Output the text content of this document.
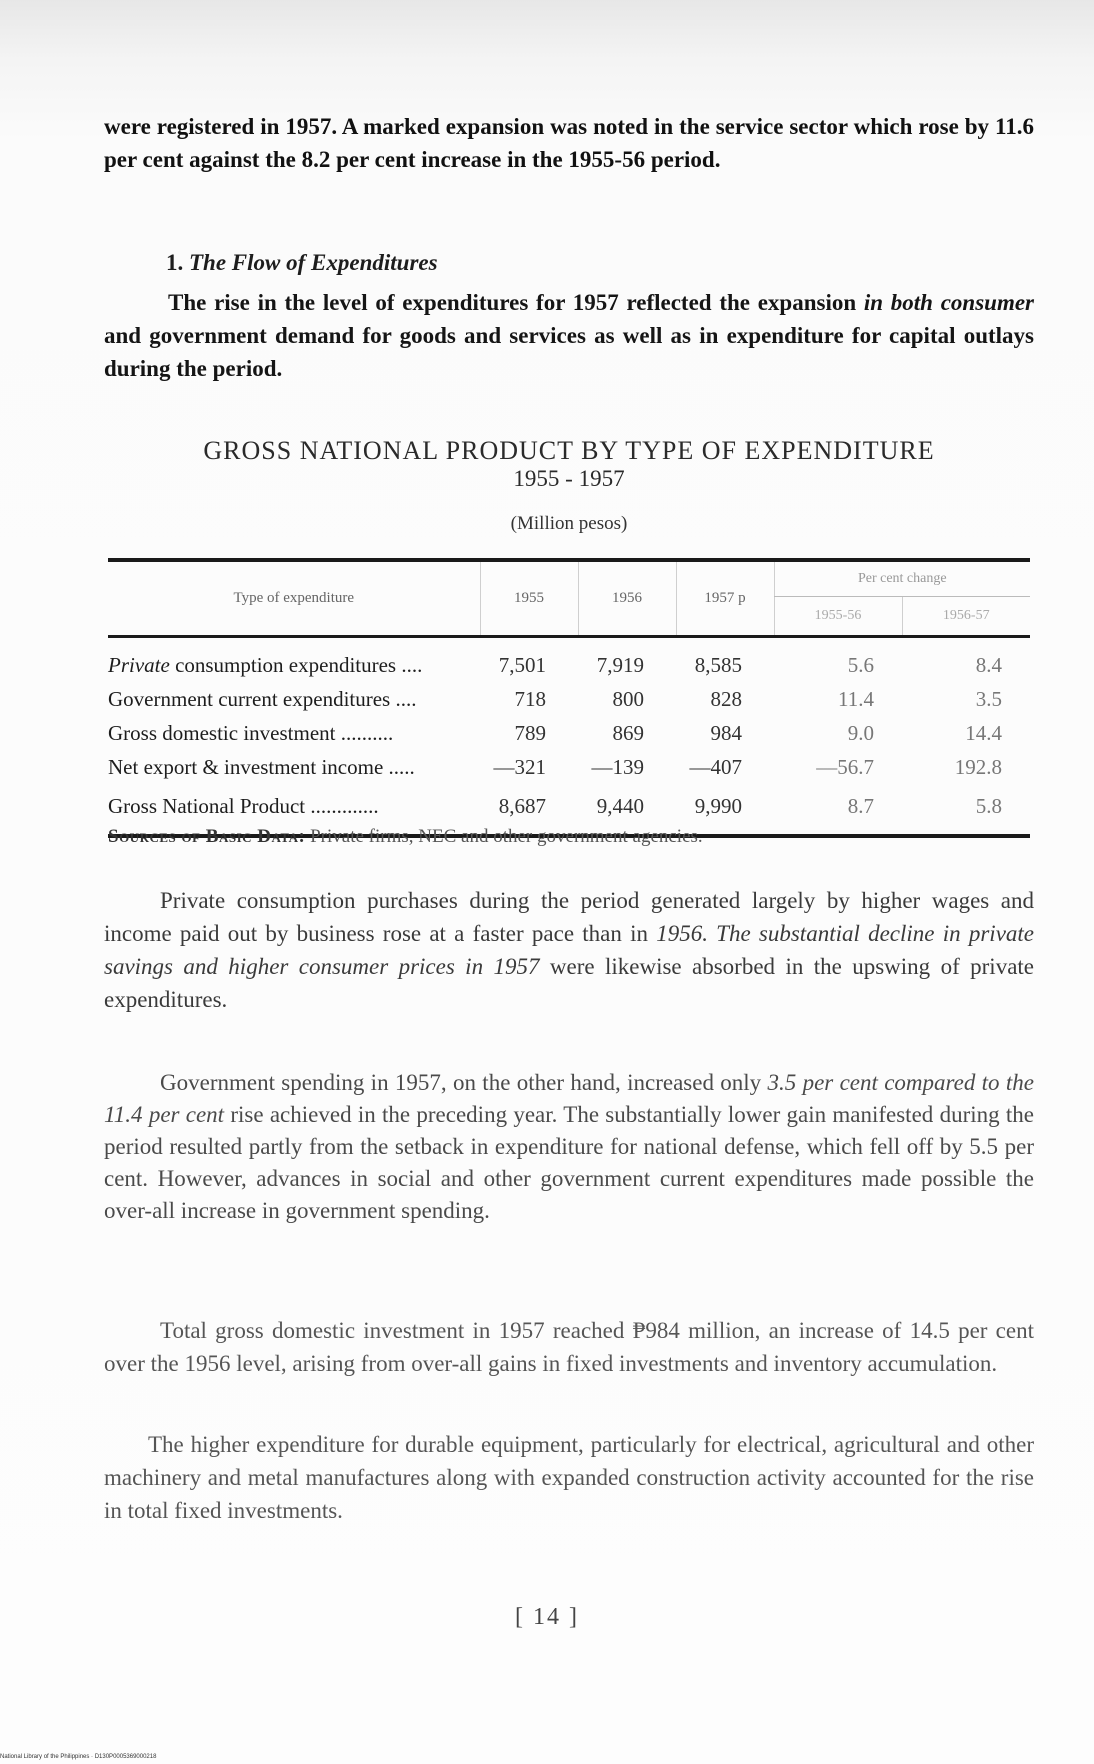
were registered in 1957. A marked expansion was noted in the service sector which rose by 11.6 per cent against the 8.2 per cent increase in the 1955-56 period.
1. The Flow of Expenditures
The rise in the level of expenditures for 1957 reflected the expansion in both consumer and government demand for goods and services as well as in expenditure for capital outlays during the period.
GROSS NATIONAL PRODUCT BY TYPE OF EXPENDITURE
1955 - 1957
(Million pesos)
Type of expenditure	1955	1956	1957 p	Per cent change	
				1955-56	1956-57
Private consumption expenditures ....	7,501	7,919	8,585	5.6	8.4
Government current expenditures ....	718	800	828	11.4	3.5
Gross domestic investment ..........	789	869	984	9.0	14.4
Net export & investment income .....	—321	—139	—407	—56.7	192.8
Gross National Product .............	8,687	9,440	9,990	8.7	5.8
Sources of Basic Data: Private firms, NEC and other government agencies.
Private consumption purchases during the period generated largely by higher wages and income paid out by business rose at a faster pace than in 1956. The substantial decline in private savings and higher consumer prices in 1957 were likewise absorbed in the upswing of private expenditures.
Government spending in 1957, on the other hand, increased only 3.5 per cent compared to the 11.4 per cent rise achieved in the preceding year. The substantially lower gain manifested during the period resulted partly from the setback in expenditure for national defense, which fell off by 5.5 per cent. However, advances in social and other government current expenditures made possible the over-all increase in government spending.
Total gross domestic investment in 1957 reached ₱984 million, an increase of 14.5 per cent over the 1956 level, arising from over-all gains in fixed investments and inventory accumulation.
The higher expenditure for durable equipment, particularly for electrical, agricultural and other machinery and metal manufactures along with expanded construction activity accounted for the rise in total fixed investments.
[ 14 ]
National Library of the Philippines · D130P0005369000218
